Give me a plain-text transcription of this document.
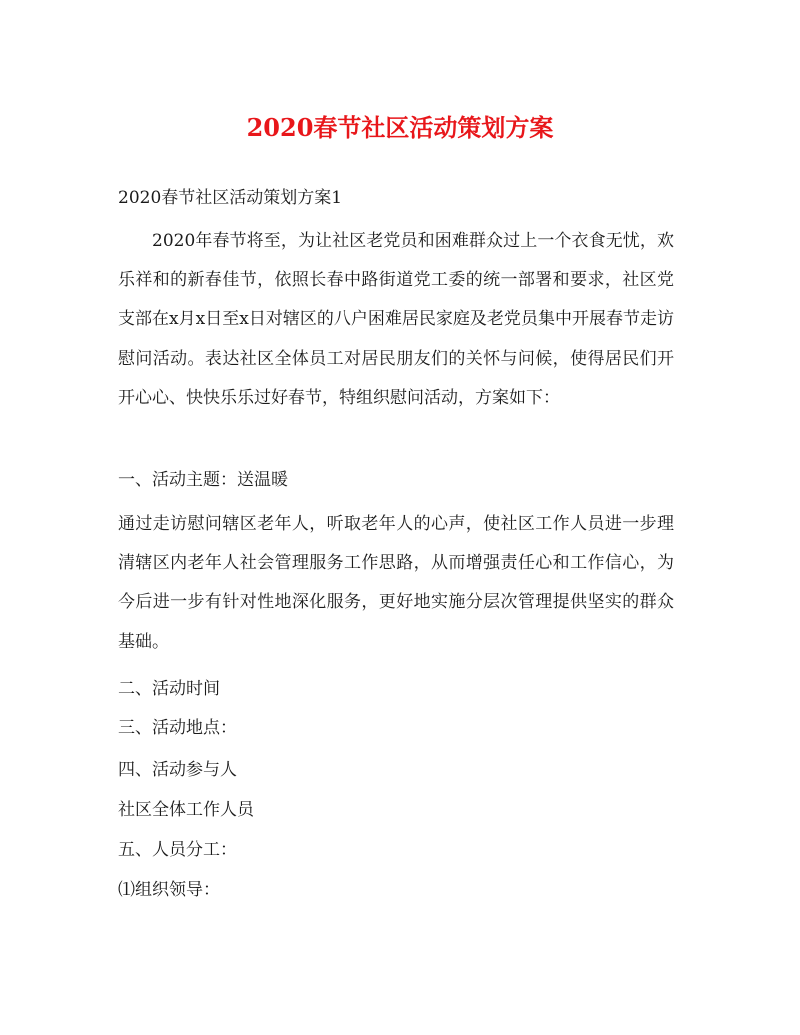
2020春节社区活动策划方案

2020春节社区活动策划方案1

2020年春节将至，为让社区老党员和困难群众过上一个衣食无忧，欢乐祥和的新春佳节，依照长春中路街道党工委的统一部署和要求，社区党支部在x月x日至x日对辖区的八户困难居民家庭及老党员集中开展春节走访慰问活动。表达社区全体员工对居民朋友们的关怀与问候，使得居民们开开心心、快快乐乐过好春节，特组织慰问活动，方案如下：

一、活动主题：送温暖

通过走访慰问辖区老年人，听取老年人的心声，使社区工作人员进一步理清辖区内老年人社会管理服务工作思路，从而增强责任心和工作信心，为今后进一步有针对性地深化服务，更好地实施分层次管理提供坚实的群众基础。

二、活动时间

三、活动地点：

四、活动参与人

社区全体工作人员

五、人员分工：

⑴组织领导：
